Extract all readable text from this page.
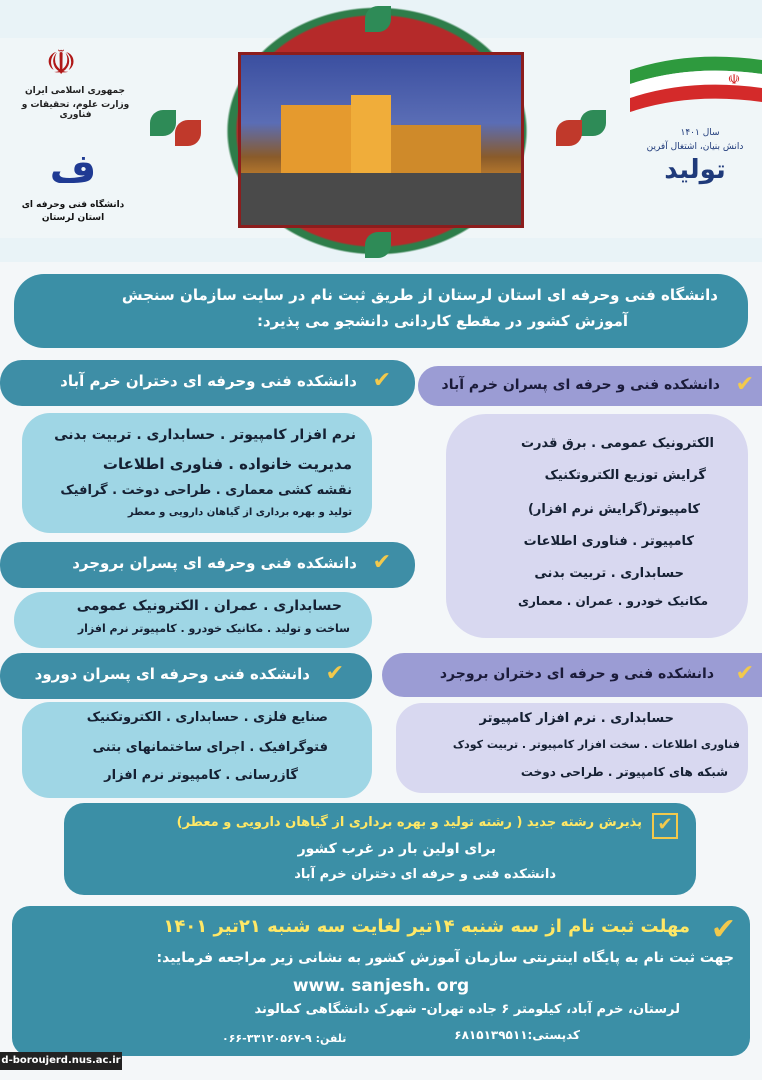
☫
جمهوری اسلامی ایران
وزارت علوم، تحقیقات و فناوری
ف
دانشگاه فنی وحرفه ای
استان لرستان
☫
سال ۱۴۰۱
دانش بنیان، اشتغال آفرین
تولید
دانشگاه فنی وحرفه ای استان لرستان از طریق ثبت نام در سایت سازمان سنجش
آموزش کشور در مقطع کاردانی دانشجو می پذیرد:
✔
دانشکده فنی وحرفه ای دختران خرم آباد	✔
دانشکده فنی و حرفه ای پسران خرم آباد
نرم افزار کامپیوتر . حسابداری . تربیت بدنی
مدیریت خانواده . فناوری اطلاعات
نقشه کشی معماری . طراحی دوخت . گرافیک
تولید و بهره برداری از گیاهان دارویی و معطر
الکترونیک عمومی . برق قدرت
گرایش توزیع الکتروتکنیک
کامپیوتر(گرایش نرم افزار)
کامپیوتر . فناوری اطلاعات
حسابداری . تربیت بدنی
مکانیک خودرو . عمران . معماری
✔
دانشکده فنی وحرفه ای پسران بروجرد
حسابداری . عمران . الکترونیک عمومی
ساخت و تولید . مکانیک خودرو . کامپیوتر نرم افزار
✔
دانشکده فنی وحرفه ای پسران دورود
صنایع فلزی . حسابداری . الکتروتکنیک
فتوگرافیک . اجرای ساختمانهای بتنی
گازرسانی . کامپیوتر نرم افزار
✔
دانشکده فنی و حرفه ای دختران بروجرد
حسابداری . نرم افزار کامپیوتر
فناوری اطلاعات . سخت افزار کامپیوتر . تربیت کودک
شبکه های کامپیوتر . طراحی دوخت
✔
پذیرش رشته جدید ( رشته تولید و بهره برداری از گیاهان دارویی و معطر)
برای اولین بار در غرب کشور
دانشکده فنی و حرفه ای دختران خرم آباد
✔
مهلت ثبت نام از سه شنبه ۱۴تیر لغایت سه شنبه ۲۱تیر ۱۴۰۱
جهت ثبت نام به پایگاه اینترنتی سازمان آموزش کشور به نشانی زیر مراجعه فرمایید:
www. sanjesh. org
لرستان، خرم آباد، کیلومتر ۶ جاده تهران- شهرک دانشگاهی کمالوند
کدپستی:۶۸۱۵۱۳۹۵۱۱
تلفن: ۹-۳۳۱۲۰۵۶۷-۰۶۶
d-boroujerd.nus.ac.ir
